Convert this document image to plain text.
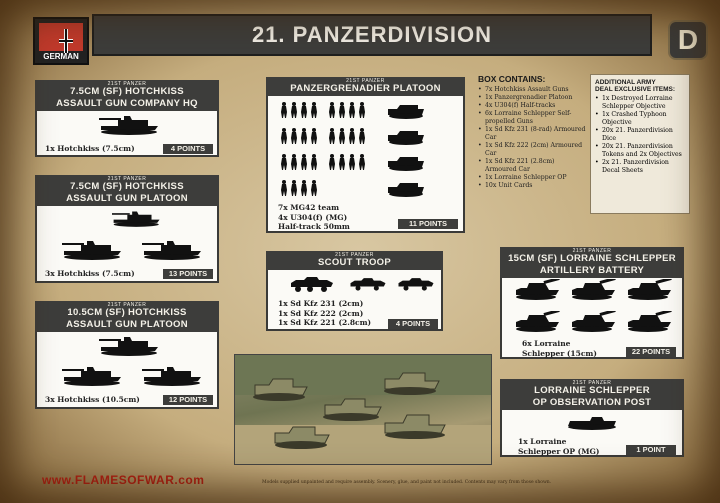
GERMAN
21. PANZERDIVISION	D
21ST PANZER
7.5CM (SF) HOTCHKISS
ASSAULT GUN COMPANY HQ
1x Hotchkiss (7.5cm)	4 POINTS
21ST PANZER
7.5CM (SF) HOTCHKISS
ASSAULT GUN PLATOON
3x Hotchkiss (7.5cm)	13 POINTS
21ST PANZER
10.5CM (SF) HOTCHKISS
ASSAULT GUN PLATOON
3x Hotchkiss (10.5cm)	12 POINTS
21ST PANZER
PANZERGRENADIER PLATOON
7x MG42 team
4x U304(f) (MG)
Half-track 50mm	11 POINTS
21ST PANZER
SCOUT TROOP
1x Sd Kfz 231 (2cm)
1x Sd Kfz 222 (2cm)
1x Sd Kfz 221 (2.8cm)	4 POINTS
21ST PANZER
15CM (SF) LORRAINE SCHLEPPER
ARTILLERY BATTERY
6x Lorraine
Schlepper (15cm)	22 POINTS
21ST PANZER
LORRAINE SCHLEPPER
OP OBSERVATION POST
1x Lorraine
Schlepper OP (MG)	1 POINT
BOX CONTAINS:
• 7x Hotchkiss Assault Guns
• 1x Panzergrenadier Platoon
• 4x U304(f) Half-tracks
• 6x Lorraine Schlepper Self-propelled Guns
• 1x Sd Kfz 231 (8-rad) Armoured Car
• 1x Sd Kfz 222 (2cm) Armoured Car
• 1x Sd Kfz 221 (2.8cm) Armoured Car
• 1x Lorraine Schlepper OP
• 10x Unit Cards
ADDITIONAL ARMY
DEAL EXCLUSIVE ITEMS:
• 1x Destroyed Lorraine Schlepper Objective
• 1x Crashed Typhoon Objective
• 20x 21. Panzerdivision Dice
• 20x 21. Panzerdivision Tokens and 2x Objectives
• 2x 21. Panzerdivision Decal Sheets
www.FLAMESOFWAR.com	Models supplied unpainted and require assembly. Scenery, glue, and paint not included. Contents may vary from those shown.
